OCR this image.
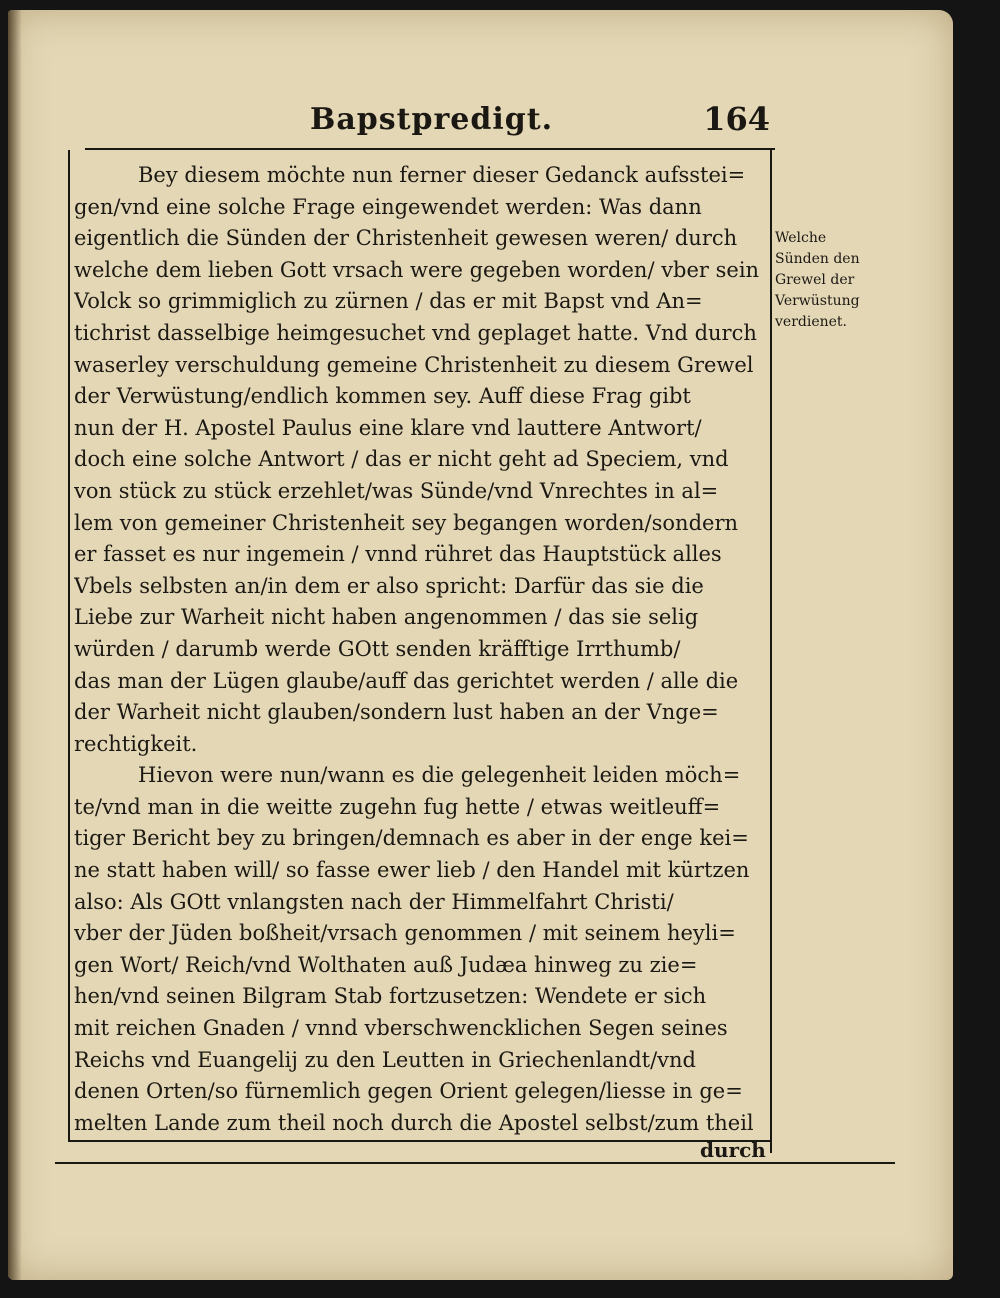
Bapstpredigt.	164
Bey diesem möchte nun ferner dieser Gedanck aufsstei=
gen/vnd eine solche Frage eingewendet werden: Was dann
eigentlich die Sünden der Christenheit gewesen weren/ durch
welche dem lieben Gott vrsach were gegeben worden/ vber sein
Volck so grimmiglich zu zürnen / das er mit Bapst vnd An=
tichrist dasselbige heimgesuchet vnd geplaget hatte. Vnd durch
waserley verschuldung gemeine Christenheit zu diesem Grewel
der Verwüstung/endlich kommen sey. Auff diese Frag gibt
nun der H. Apostel Paulus eine klare vnd lauttere Antwort/
doch eine solche Antwort / das er nicht geht ad Speciem, vnd
von stück zu stück erzehlet/was Sünde/vnd Vnrechtes in al=
lem von gemeiner Christenheit sey begangen worden/sondern
er fasset es nur ingemein / vnnd rühret das Hauptstück alles
Vbels selbsten an/in dem er also spricht: Darfür das sie die
Liebe zur Warheit nicht haben angenommen / das sie selig
würden / darumb werde GOtt senden kräfftige Irrthumb/
das man der Lügen glaube/auff das gerichtet werden / alle die
der Warheit nicht glauben/sondern lust haben an der Vnge=
rechtigkeit.
Hievon were nun/wann es die gelegenheit leiden möch=
te/vnd man in die weitte zugehn fug hette / etwas weitleuff=
tiger Bericht bey zu bringen/demnach es aber in der enge kei=
ne statt haben will/ so fasse ewer lieb / den Handel mit kürtzen
also: Als GOtt vnlangsten nach der Himmelfahrt Christi/
vber der Jüden boßheit/vrsach genommen / mit seinem heyli=
gen Wort/ Reich/vnd Wolthaten auß Judæa hinweg zu zie=
hen/vnd seinen Bilgram Stab fortzusetzen: Wendete er sich
mit reichen Gnaden / vnnd vberschwencklichen Segen seines
Reichs vnd Euangelij zu den Leutten in Griechenlandt/vnd
denen Orten/so fürnemlich gegen Orient gelegen/liesse in ge=
melten Lande zum theil noch durch die Apostel selbst/zum theil
Welche
Sünden den
Grewel der
Verwüstung
verdienet.
durch
